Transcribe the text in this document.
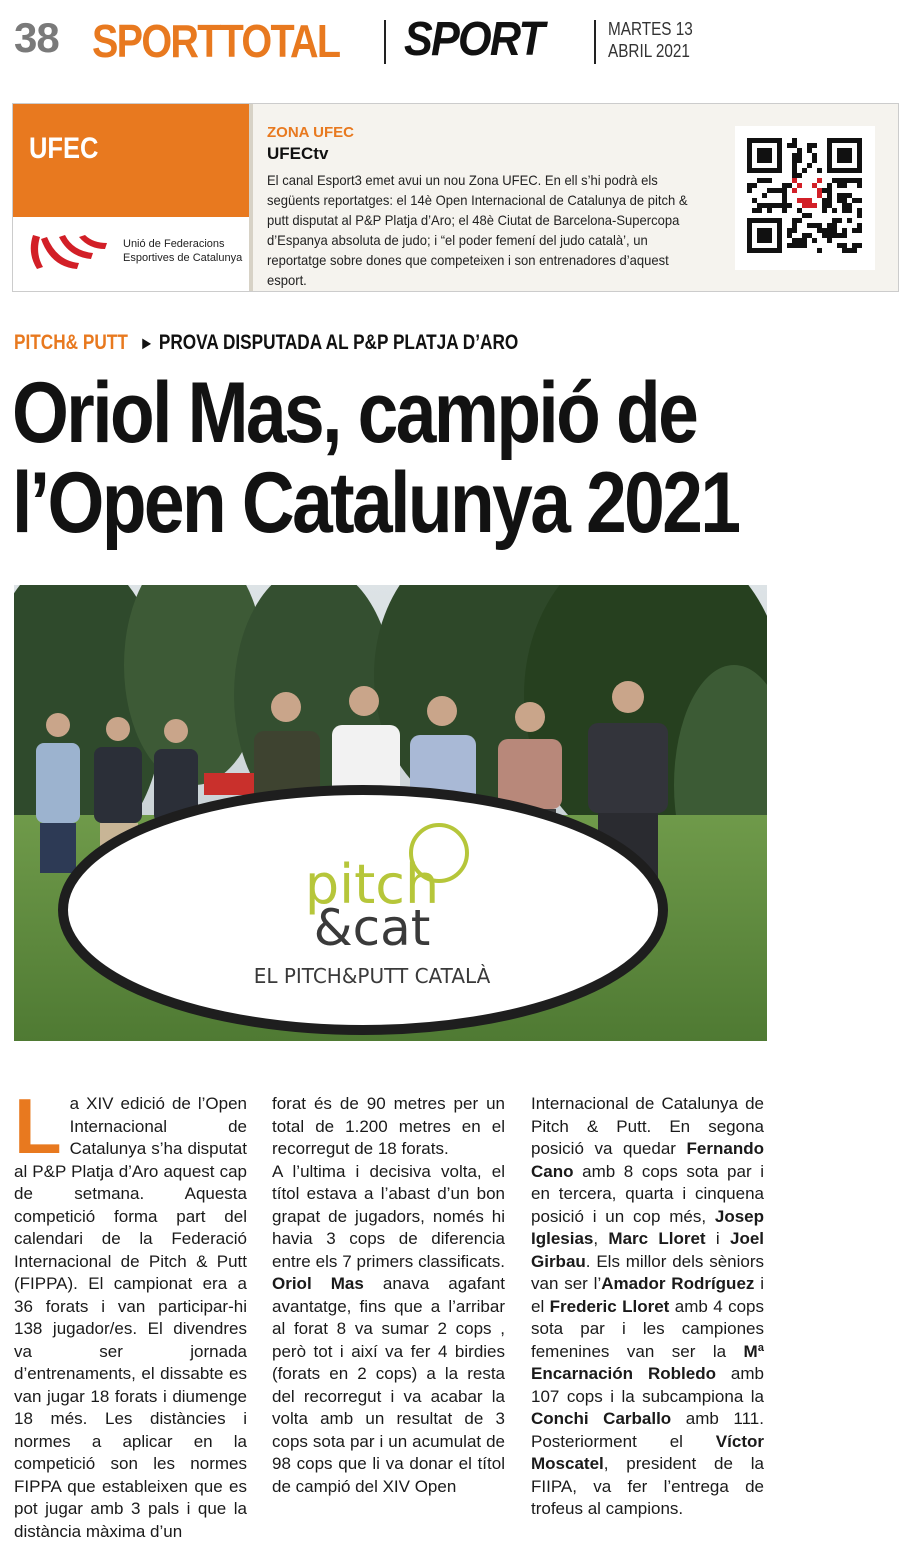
38 SPORTTOTAL SPORT	MARTES 13
ABRIL 2021
UFEC
Unió de Federacions
Esportives de Catalunya
ZONA UFEC
UFECtv
El canal Esport3 emet avui un nou Zona UFEC. En ell s’hi podrà els següents reportatges: el 14è Open Internacional de Catalunya de pitch & putt disputat al P&P Platja d’Aro; el 48è Ciutat de Barcelona-Supercopa d’Espanya absoluta de judo; i “el poder femení del judo català’, un reportatge sobre dones que competeixen i son entrenadores d’aquest esport.
PITCH& PUTT ► PROVA DISPUTADA AL P&P PLATJA D’ARO
Oriol Mas, campió de
l’Open Catalunya 2021
pitch
&cat
EL PITCH&PUTT CATALÀ

La XIV edició de l’Open Internacional de Catalunya s’ha disputat al P&P Platja d’Aro aquest cap de setmana. Aquesta competició forma part del calendari de la Federació Internacional de Pitch & Putt (FIPPA). El campionat era a 36 forats i van participar-hi 138 jugador/es. El divendres va ser jornada d’entrenaments, el dissabte es van jugar 18 forats i diumenge 18 més. Les distàncies i normes a aplicar en la competició son les normes FIPPA que estableixen que es pot jugar amb 3 pals i que la distància màxima d’un

forat és de 90 metres per un total de 1.200 metres en el recorregut de 18 forats.

A l’ultima i decisiva volta, el títol estava a l’abast d’un bon grapat de jugadors, només hi havia 3 cops de diferencia entre els 7 primers classificats. Oriol Mas anava agafant avantatge, fins que a l’arribar al forat 8 va sumar 2 cops , però tot i així va fer 4 birdies (forats en 2 cops) a la resta del recorregut i va acabar la volta amb un resultat de 3 cops sota par i un acumulat de 98 cops que li va donar el títol de campió del XIV Open

Internacional de Catalunya de Pitch & Putt. En segona posició va quedar Fernando Cano amb 8 cops sota par i en tercera, quarta i cinquena posició i un cop més, Josep Iglesias, Marc Lloret i Joel Girbau. Els millor dels sèniors van ser l’Amador Rodríguez i el Frederic Lloret amb 4 cops sota par i les campiones femenines van ser la Mª Encarnación Robledo amb 107 cops i la subcampiona la Conchi Carballo amb 111. Posteriorment el Víctor Moscatel, president de la FIIPA, va fer l’entrega de trofeus al campions.
